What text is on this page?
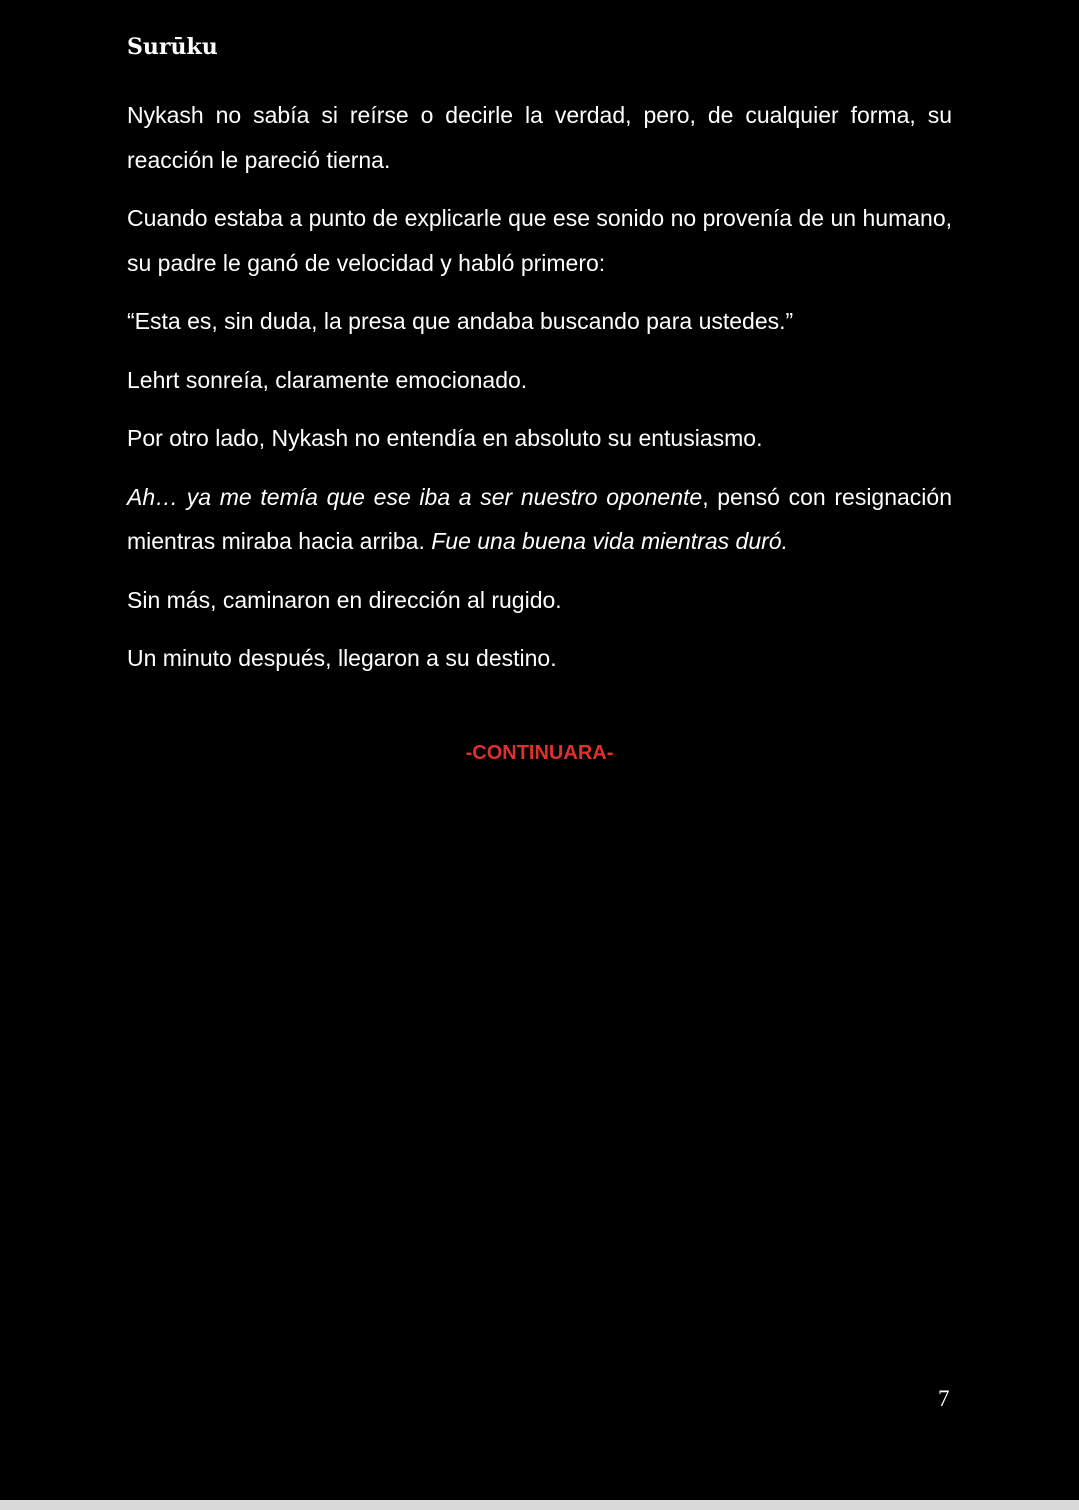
Surūku

Nykash no sabía si reírse o decirle la verdad, pero, de cualquier forma, su reacción le pareció tierna.

Cuando estaba a punto de explicarle que ese sonido no provenía de un humano, su padre le ganó de velocidad y habló primero:

“Esta es, sin duda, la presa que andaba buscando para ustedes.”

Lehrt sonreía, claramente emocionado.

Por otro lado, Nykash no entendía en absoluto su entusiasmo.

Ah… ya me temía que ese iba a ser nuestro oponente, pensó con resignación mientras miraba hacia arriba. Fue una buena vida mientras duró.

Sin más, caminaron en dirección al rugido.

Un minuto después, llegaron a su destino.

-CONTINUARA-
7
